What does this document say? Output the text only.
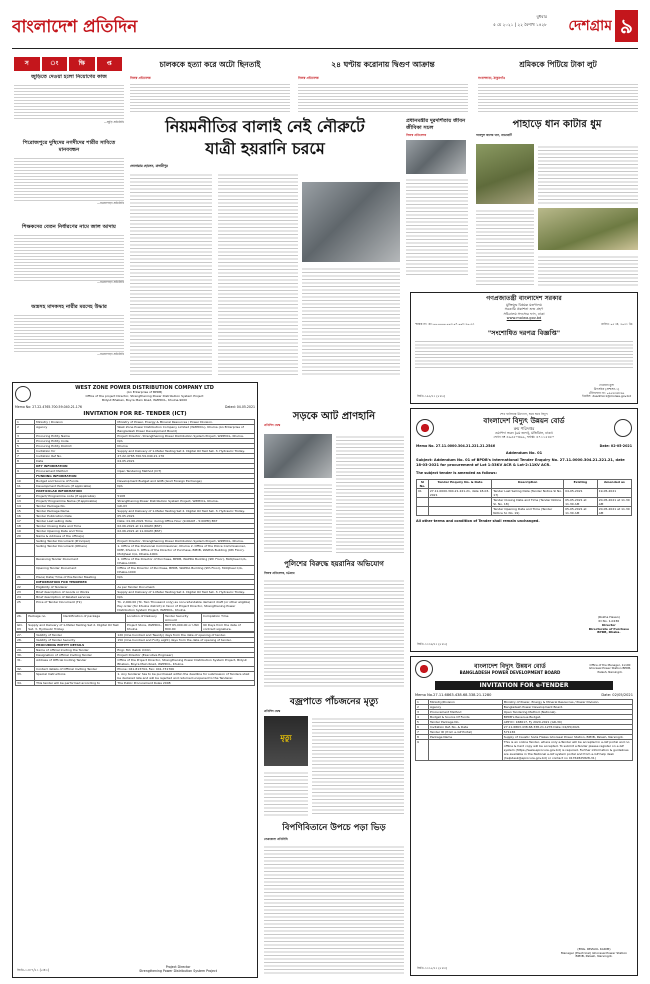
বাংলাদেশ প্রতিদিন
বুধবার
৫ মে ২০২১ | ২২ বৈশাখ ১৪২৮	দেশগ্রাম ৯
স	ং	ক্ষি	প্ত	চালককে হত্যা করে অটো ছিনতাই	২৪ ঘণ্টায় করোনায় দ্বিগুণ আক্রান্ত	শ্রমিককে পিটিয়ে টাকা লুট
নিজস্ব প্রতিবেদক	নিজস্ব প্রতিবেদক	সংবাদদাতা, ঠাকুরগাঁও
জুড়িতে দেওয়া হলো নিয়োগের কাজ
—জুড়ি প্রতিনিধি
পিরোজপুরে দুস্থিদের নগদীদের শারীর সাবিতে মানববন্ধন
—নওয়াপাড়া প্রতিনিধি
শিক্ষকদের বেতন নির্ধারণের নামে জাল আদায়
—নওয়াপাড়া প্রতিনিধি
অস্ত্রসহ মাদকসহ নারীর মরদেহ উদ্ধার
—নওয়াপাড়া প্রতিনিধি
নিয়মনীতির বালাই নেই নৌরুটে
যাত্রী হয়রানি চরমে
দেলোয়ার হোসেন, মাদারীপুর
প্রধানমন্ত্রীর দুরদর্শিতায় জীবন জীবিকা সচল
নিজস্ব প্রতিবেদক
পাহাড়ে ধান কাটার ধুম
আবদুল কাদের খান, রাঙামাটি
গণপ্রজাতন্ত্রী বাংলাদেশ সরকার
মুক্তিযুদ্ধ বিষয়ক মন্ত্রণালয়
সরকারি প্রকাশনা শুভ গ্রহণ
সচিবালয় সদস্যের ফাদ, ঢাকা
www.molwa.gov.bd
স্মারক নং: ৪৮.০০.০০০০.০০৩.০৭.০০৮.২০-৫৩	তারিখ: ০৫ মে, ২০২১ খ্রি:
"সংশোধিত দরপত্র বিজ্ঞপ্তি"
দেওয়ান মুসা
উপসচিব (প্রশাসন-১)
টেলিফোন নং: ০৯৫৬৩৬৮৯৯
ইমেইল: dsadmin1@molwa.gov.bd
জিডি-১৯২/২১ (৫×৫)
WEST ZONE POWER DISTRIBUTION COMPANY LTD
(An Enterprise of BPDB)
Office of the project Director, Strengthening Power Distribution System Project
Bidyut Bhaban, Boyra Main Road, WZPDCL, Khulna-9000
Memo No: 27.22.4765.700.59.040.21.176	Dated: 04.05.2021
INVITATION FOR RE- TENDER (ICT)
1	Ministry / Division	Ministry of Power, Energy & Mineral Resources / Power Division.
2	Agency	West Zone Power Distribution Company Limited (WZPDCL), Khulna (An Enterprise of Bangladesh Power Development Board)
3	Procuring Entity Name	Project Director, Strengthening Power Distribution System Project, WZPDCL, Khulna.
4	Procuring Entity Code	N/A
5	Procuring Entity District	Khulna
6	Invitation for	Supply and Delivery of 1-Meter Testing Set 2. Digital Oil Test Set. 3. Hydraulic Trolley.
7	Invitation Ref No.	27.22.4765.700.59.040.21.176
8	Date	04.05.2021
	KEY INFORMATION	
9	Procurement Method	Open Tendering Method (ICT)
	FUNDING INFORMATION	
10	Budget and Source of Funds	Development Budget and GOB (Govt Foreign Exchange)
11	Development Partners (If applicable)	N/A
	PARTICULAR INFORMATION	
12	Project/ Programme code (If applicable)	5108
13	Project/ Programme Name (If applicable)	Strengthening Power Distribution System Project, WZPDCL, Khulna.
14	Tender Package No.	GD-03
15	Tender Package Name	Supply and Delivery of 1-Meter Testing Set 2. Digital Oil Test Set. 3. Hydraulic Trolley.
16	Tender Publication Date	05.05.2021
17	Tender Last selling date	Date: 01.06.2021 Time: during Office Hour (9.00AM – 5:00PM) BST
18	Tender Closing Date and Time	02.06.2021 at 11.00AM (BST)
19	Tender Opening Date and Time	02.06.2021 at 11.00AM (BST)
20	Name & Address of the office(s)	
	Selling Tender Document (Principal)	Project Director, Strengthening Power Distribution System Project, WZPDCL, Khulna.
	Selling Tender Document (Others)	1. Office of the Divisional Commissioner, Khulna 2. Office of the Police Commissioner, KMP, Khulna 3. Office of the Director of Purchase, BPDB, WAPDA Building (9th Floor), Motijheel C/A, Dhaka-1000.
	Receiving Tender Document	1. Office of the Director of Purchase, BPDB, WAPDA Building (9th Floor), Motijheel C/A, Dhaka-1000.
	Opening Tender Document	Office of the Director of Purchase, BPDB, WAPDA Building (9th Floor), Motijheel C/A, Dhaka-1000
21	Place/ Date/ Time of Pre-Tender Meeting	N/A
	INFORMATION FOR TENDERER	
22	Eligibility of Tenderer	As per Tender Document.
23	Brief description of Goods or Works	Supply and Delivery of 1-Meter Testing Set 2. Digital Oil Test Set. 3. Hydraulic Trolley.
24	Brief description of Related services	N/A
25	Price of Tender Document (Tk)	Tk. 2,000.00 (Tk. Two Thousand only) as non-refundable demand draft (or other eligible) Pay order (for Khulna district) in favor of Project Director, Strengthening Power Distribution System Project, WZPDCL, Khulna.
26.	Package no.	Identification of package	Location of Delivery	Tender Security Amount	Completion Time
GD-03	Supply and Delivery of 1-Meter Testing Set 2. Digital Oil Test Set. 3. Hydraulic Trolley.		Project Store, WZPDCL, Khulna	BDT 65,000.00 or USD 800.00	90 Days from the date of contract signature.
27.	Validity of Tender	120 (One hundred and Twenty) days from the date of opening of tender.
28.	Validity of Tender Security	150 (One hundred and Forty eight) days from the date of opening of tender.
	PROCURING ENTITY DETAILS	
29.	Name of official Inviting the Tender	Engr. Md. Rabib Uddin
30.	Designation of official Inviting Tender	Project Director (Executive Engineer)
31.	Address of Official Inviting Tender	Office of the Project Director, Strengthening Power Distribution System Project, Bidyut Bhaban, Boyra Main Road, WZPDCL, Khulna.
32.	Contact details of Official Inviting Tender	Phone: 041-813794, Fax: 041-731766
33.	Special Instructions	1. Any tenderer has to be purchased within the deadline for submission of Tenders shall be declared late and will be rejected and returned unopened to the Tenderer.
34.	This tender will be performed according to	The Public Procurement Rules 2008
জিডি-১৩৮৭/২১ (৫×৩)
Project Director
Strengthening Power Distribution System Project
সড়কে আট প্রাণহানি
প্রতিদিন ডেস্ক
পুলিশের বিরুদ্ধে হয়রানির অভিযোগ
নিজস্ব প্রতিবেদক, চট্টগ্রাম
বজ্রপাতে পাঁচজনের মৃত্যু
প্রতিদিন ডেস্ক
মৃত্যু
বিপণিবিতানে উপচে পড়া ভিড়
নেত্রকোনা প্রতিনিধি
শেখ হাসিনার উদ্যোগ, ঘরে ঘরে বিদ্যুৎ
বাংলাদেশ বিদ্যুৎ উন্নয়ন বোর্ড
ক্রয় পরিদপ্তর
ওয়াপদা ভবন (৯ম তলা), মতিঝিল, ঢাকা।
ফোন নং ৪৯৫৫০৩৬৯, ফ্যাক্স: ৪৭১১৫৪৮০
Memo No. 27.11.0000.304.21.221.21.2546	Date: 02-05-2021
Addendum No. 01
Subject: Addendum No. 01 of BPDB's International Tender Enquiry No. 27.11.0000.304.21.221.21, date 18-03-2021 for procurement of Lot 1:33KV ACR & Lot-2:11KV ACR.
The subject tender is amended as follows:
Sl No.	Tender Enquiry No. & Date	Description	Existing	Amended as
01	27.11.0000.304.21.221.21, date 18-03-2021	Tender Last Selling Date (Tender Notice Sl No. 17)	04-05-2021	19-05-2021
		Tender Closing Date and Time (Tender Notice Sl. No. 18)	05-05-2021 at 11.30 AM	20-05-2021 at 11.30 AM
		Tender Opening Date and Time (Tender Notice Sl. No. 19)	05-05-2021 at 11.30 AM	20-05-2021 at 11.30 AM
All other terms and condition of Tender shall remain unchanged.
(Rokha Hasan)
ID No. 1-0236
Director
Directorate of Purchase
BPDB, Dhaka.
জিডি-১৩১৬/২১ (৫×৫)
বাংলাদেশ বিদ্যুৎ উন্নয়ন বোর্ড
BANGLADESH POWER DEVELOPMENT BOARD
Office of the Manager, 1x100 Ghorasal Power Station BPDB, Palash, Narsingdi.
INVITATION FOR e-TENDER
Memo No.27.11.6863.438.68.338.21.1280	Date: 02/05/2021
1	Ministry/Division	Ministry of Power, Energy & Mineral Resources / Power Division.
2	Agency	Bangladesh Power Development Board.
3	Procurement Method	Open Tendering Method (National).
4	Budget & Source Of Funds	BPDB's Revenue Budget.
5	Tender Package No.	APP ID: 168617, Fy 2020-2021 (GR-30)
6	Invitation Ref. No. & Date	27.11.6863.438.68.338.21.1276 Date: 02/05/2021
7	Tender ID (from e-GP Portal)	571136
8	Package Name	Supply of Caustic Soda Flakes Ghorasal Power Station, BPDB, Palash, Narsingdi.
9		This is an online Tender, where only e-Tender will be accepted in e-GP portal and no offline & hard copy will be accepted. To submit e-Tender please register on e-GP system (https://www.eprocure.gov.bd) is required. Further information & guidelines are available in the National e-GP system portal and from e-GP help desk (helpdesk@eprocure.gov.bd) or contact no 01762825828-31)
(ENG. REZAUL KARIM)
Manager (Electrical) Ghorasal Power Station BPDB, Palash, Narsingdi.
জিডি-১৩১৫/২১ (৫×৩)
